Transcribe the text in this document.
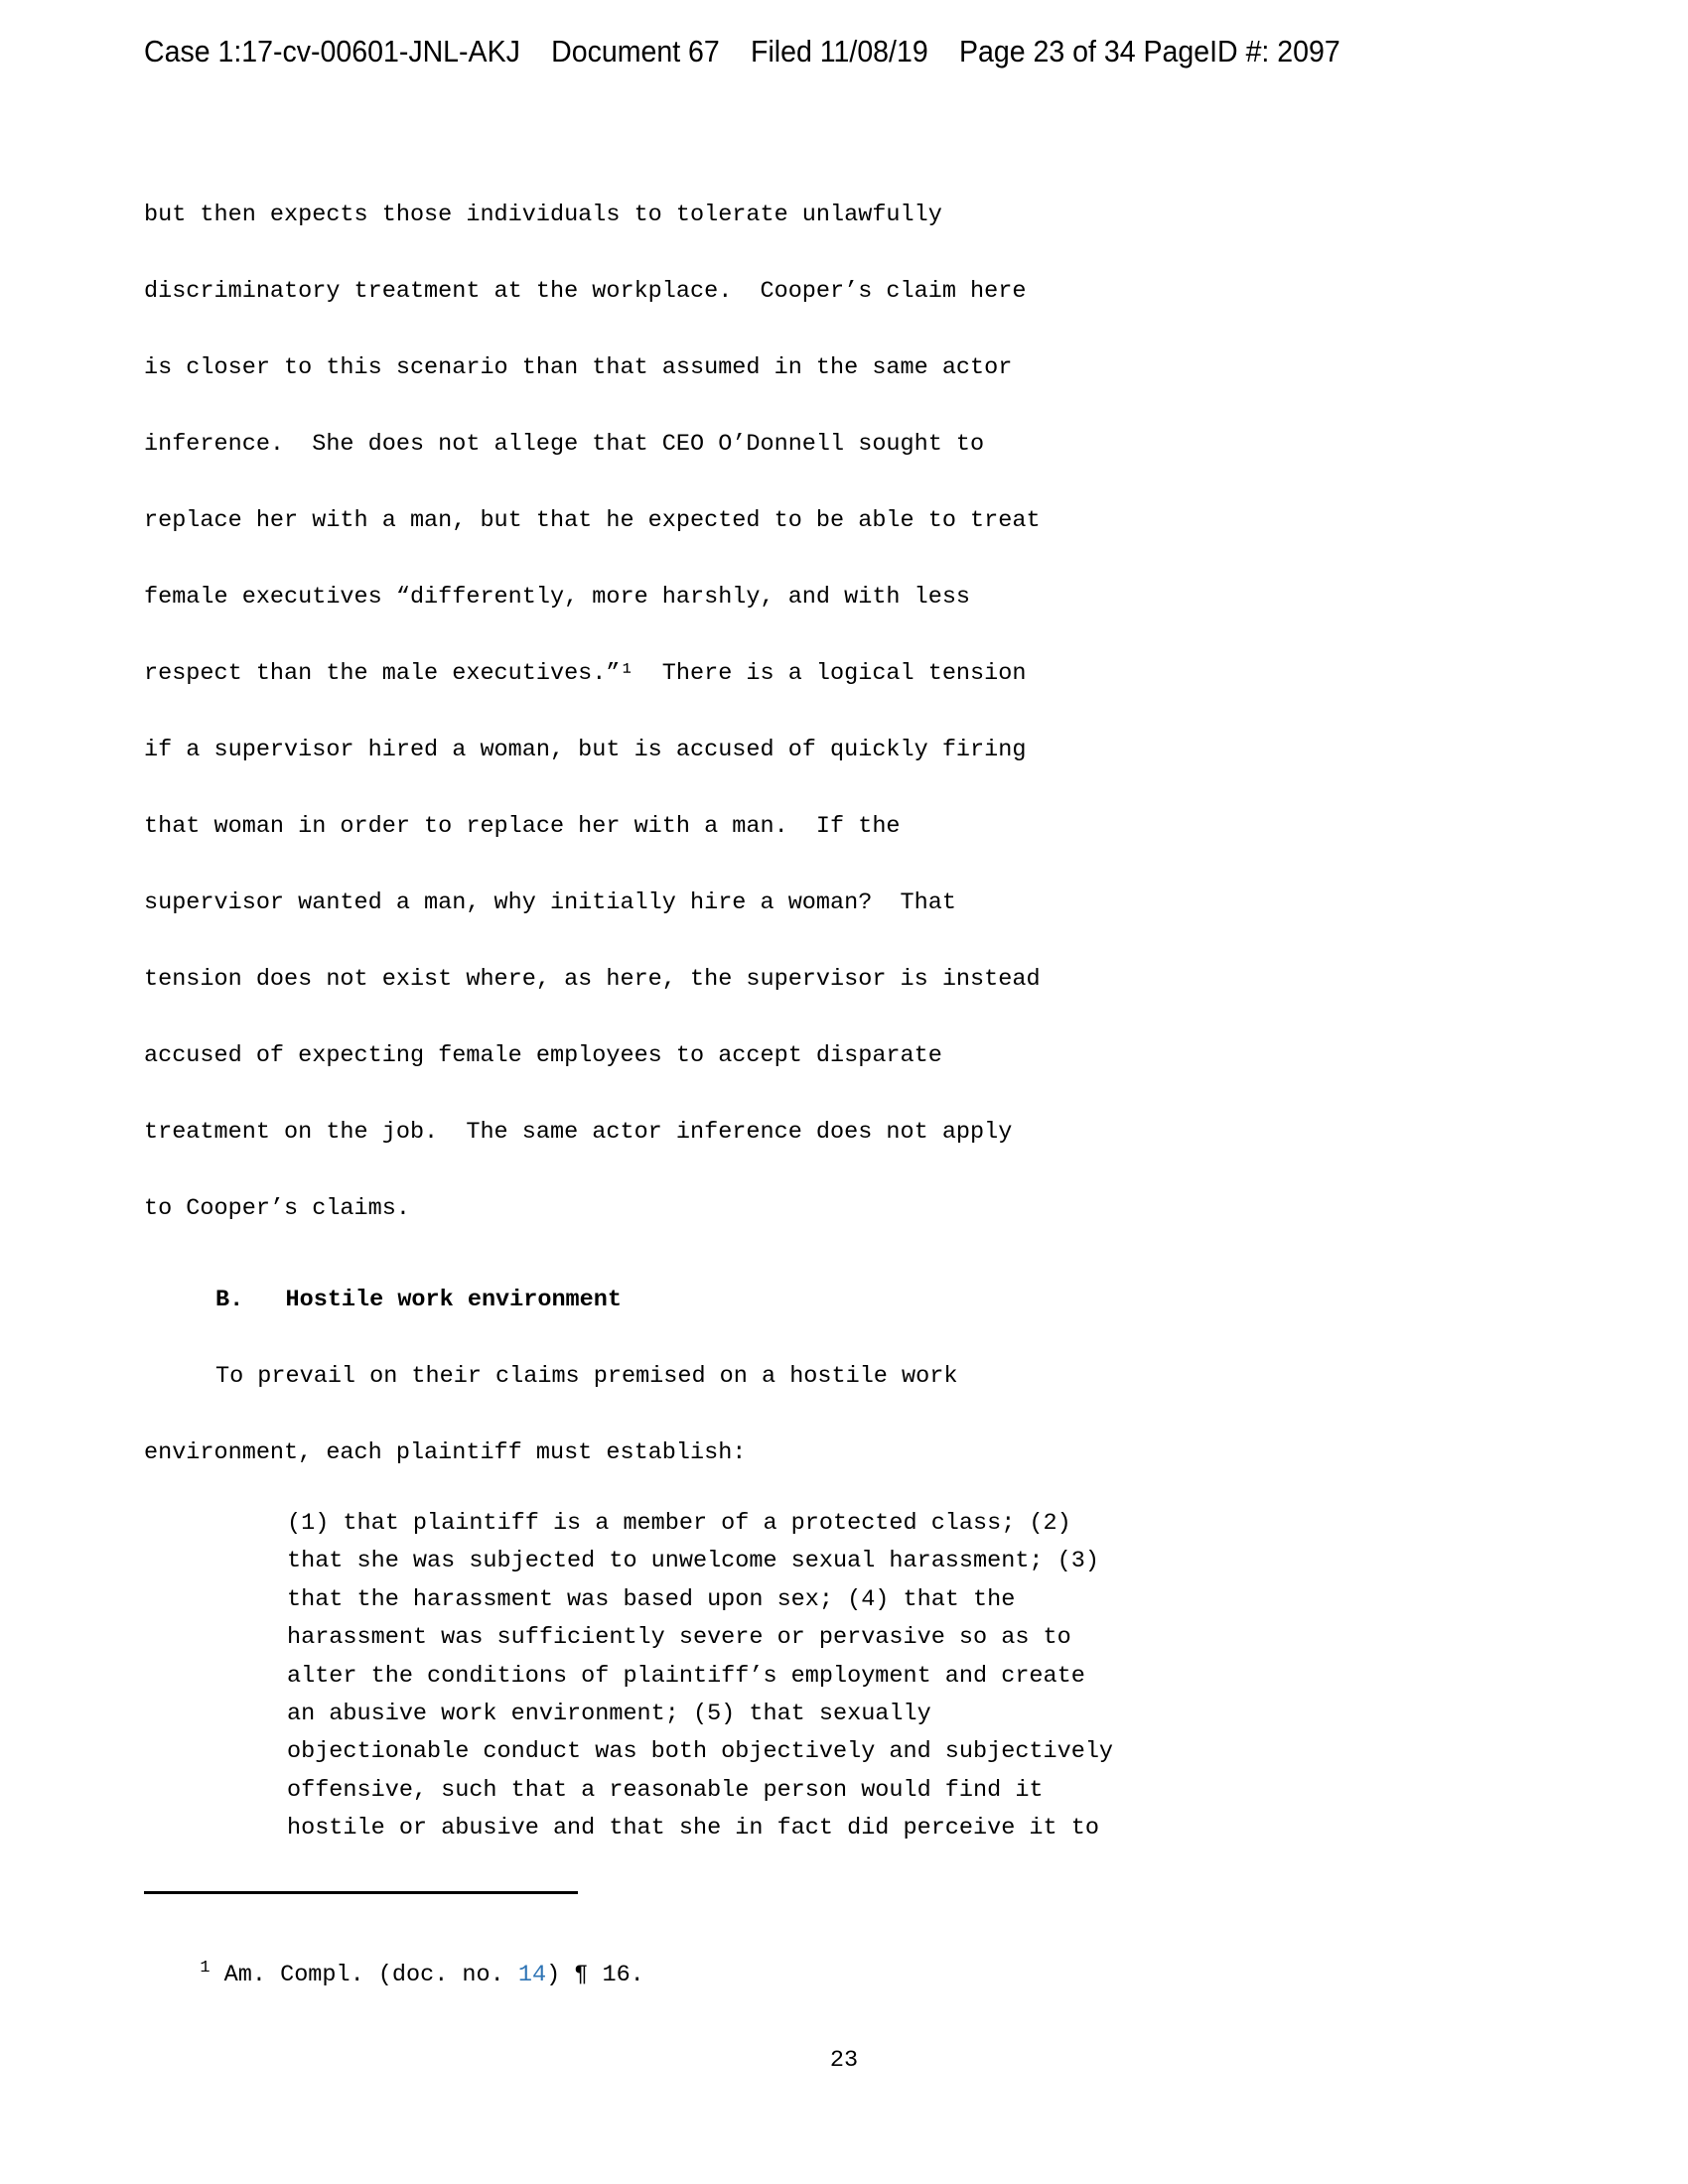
Case 1:17-cv-00601-JNL-AKJ Document 67 Filed 11/08/19 Page 23 of 34 PageID #: 2097
but then expects those individuals to tolerate unlawfully
discriminatory treatment at the workplace.  Cooper’s claim here
is closer to this scenario than that assumed in the same actor
inference.  She does not allege that CEO O’Donnell sought to
replace her with a man, but that he expected to be able to treat
female executives “differently, more harshly, and with less
respect than the male executives.”¹  There is a logical tension
if a supervisor hired a woman, but is accused of quickly firing
that woman in order to replace her with a man.  If the
supervisor wanted a man, why initially hire a woman?  That
tension does not exist where, as here, the supervisor is instead
accused of expecting female employees to accept disparate
treatment on the job.  The same actor inference does not apply
to Cooper’s claims.
B.   Hostile work environment
To prevail on their claims premised on a hostile work
environment, each plaintiff must establish:
(1) that plaintiff is a member of a protected class; (2)
that she was subjected to unwelcome sexual harassment; (3)
that the harassment was based upon sex; (4) that the
harassment was sufficiently severe or pervasive so as to
alter the conditions of plaintiff’s employment and create
an abusive work environment; (5) that sexually
objectionable conduct was both objectively and subjectively
offensive, such that a reasonable person would find it
hostile or abusive and that she in fact did perceive it to

$^1$ Am. Compl. (doc. no. 14) ¶ 16.

23
